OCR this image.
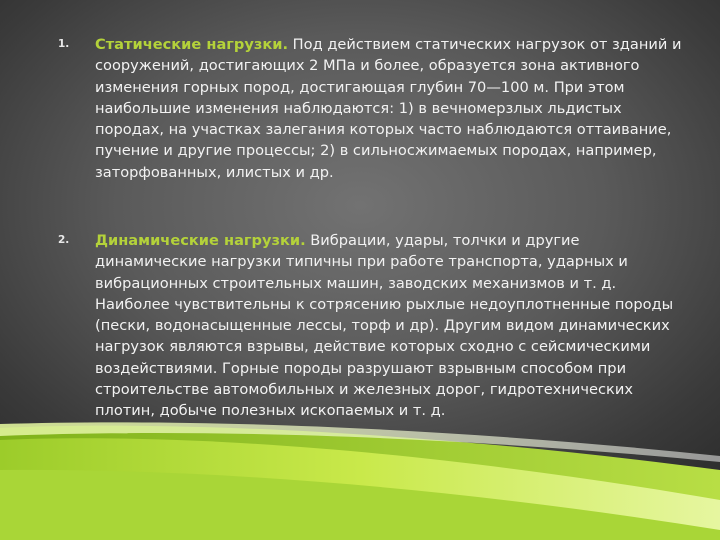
1. Статические нагрузки. Под действием статических нагрузок от зданий и сооружений, достигающих 2 МПа и более, образуется зона активного изменения горных пород, достигающая глубин 70—100 м. При этом наибольшие изменения наблюдаются: 1) в вечномерзлых льдистых породах, на участках залегания которых часто наблюдаются оттаивание, пучение и другие процессы; 2) в сильносжимаемых породах, например, заторфованных, илистых и др.
2. Динамические нагрузки. Вибрации, удары, толчки и другие динамические нагрузки типичны при работе транспорта, ударных и вибрационных строительных машин, заводских механизмов и т. д. Наиболее чувствительны к сотрясению рыхлые недоуплотненные породы (пески, водонасыщенные лессы, торф и др). Другим видом динамических нагрузок являются взрывы, действие которых сходно с сейсмическими воздействиями. Горные породы разрушают взрывным способом при строительстве автомобильных и железных дорог, гидротехнических плотин, добыче полезных ископаемых и т. д.
